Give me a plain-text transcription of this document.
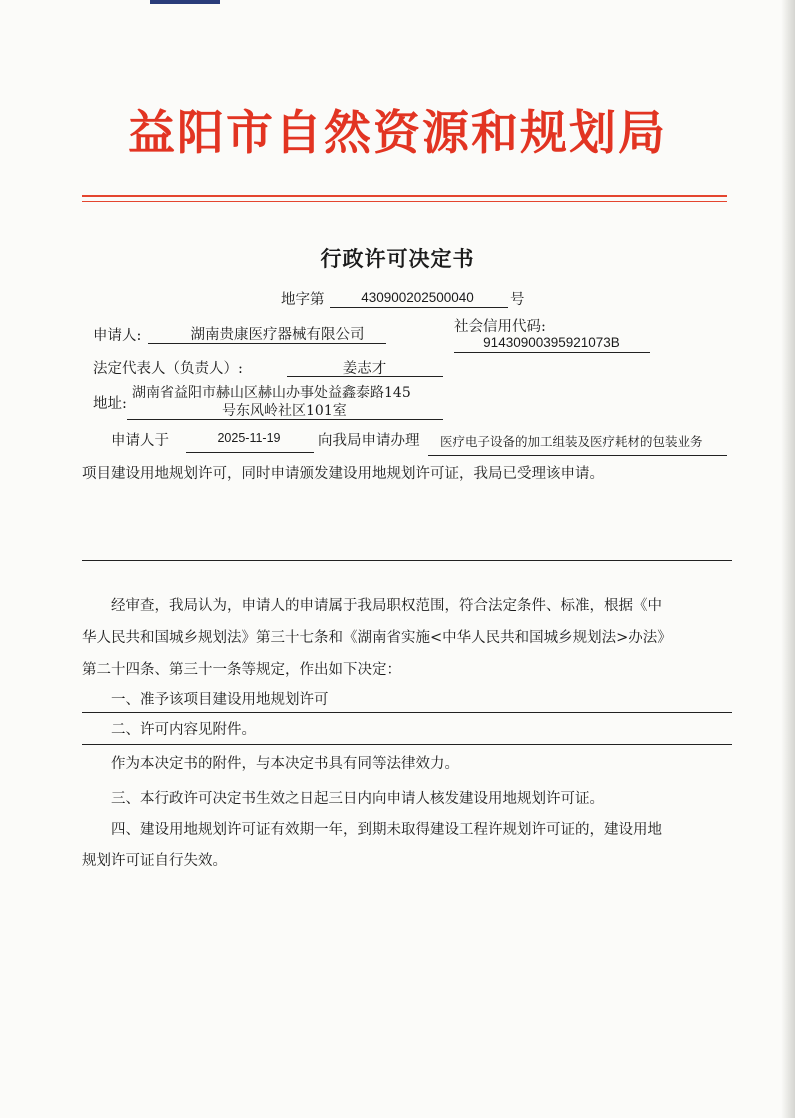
益阳市自然资源和规划局
行政许可决定书
地字第	430900202500040	号
申请人:	湖南贵康医疗器械有限公司	社会信用代码:
91430900395921073B
法定代表人（负责人）:	姜志才
地址:
湖南省益阳市赫山区赫山办事处益鑫泰路145
号东风岭社区101室
申请人于	2025-11-19	向我局申请办理 医疗电子设备的加工组装及医疗耗材的包装业务
项目建设用地规划许可，同时申请颁发建设用地规划许可证，我局已受理该申请。

经审查，我局认为，申请人的申请属于我局职权范围，符合法定条件、标准，根据《中

华人民共和国城乡规划法》第三十七条和《湖南省实施<中华人民共和国城乡规划法>办法》

第二十四条、第三十一条等规定，作出如下决定：

一、准予该项目建设用地规划许可
二、许可内容见附件。
作为本决定书的附件，与本决定书具有同等法律效力。
三、本行政许可决定书生效之日起三日内向申请人核发建设用地规划许可证。
四、建设用地规划许可证有效期一年，到期未取得建设工程许规划许可证的，建设用地
规划许可证自行失效。
